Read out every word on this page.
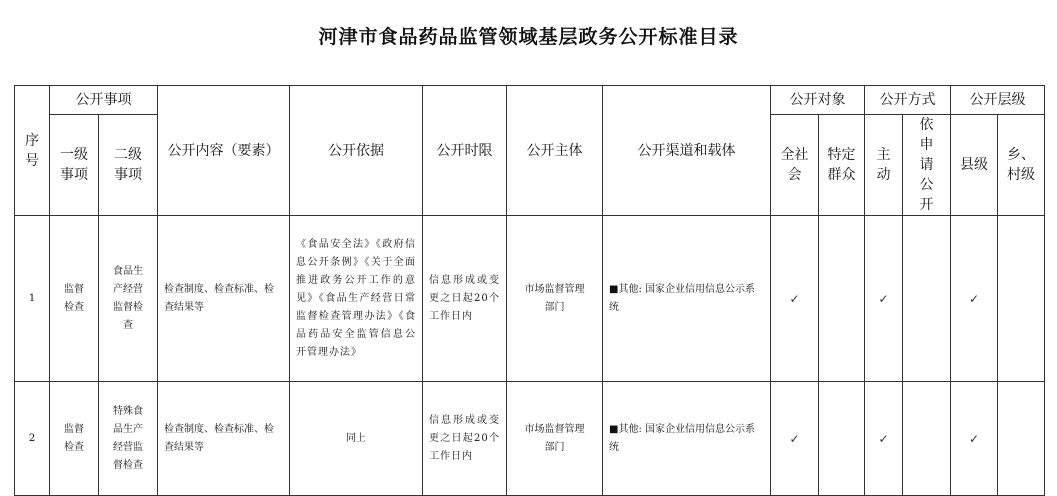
河津市食品药品监管领域基层政务公开标准目录
序号	公开事项		公开内容（要素）	公开依据	公开时限	公开主体	公开渠道和载体	公开对象		公开方式		公开层级	
	一级事项	二级事项						全社会	特定群众	主动	依申请公开	县级	乡、村级
1	监督检查	食品生产经营监督检查	检查制度、检查标准、检查结果等	《食品安全法》《政府信息公开条例》《关于全面推进政务公开工作的意见》《食品生产经营日常监督检查管理办法》《食品药品安全监管信息公开管理办法》	信息形成或变更之日起20个工作日内	市场监督管理部门	■其他: 国家企业信用信息公示系统	✓		✓		✓	
2	监督检查	特殊食品生产经营监督检查	检查制度、检查标准、检查结果等	同上	信息形成或变更之日起20个工作日内	市场监督管理部门	■其他: 国家企业信用信息公示系统	✓		✓		✓	
